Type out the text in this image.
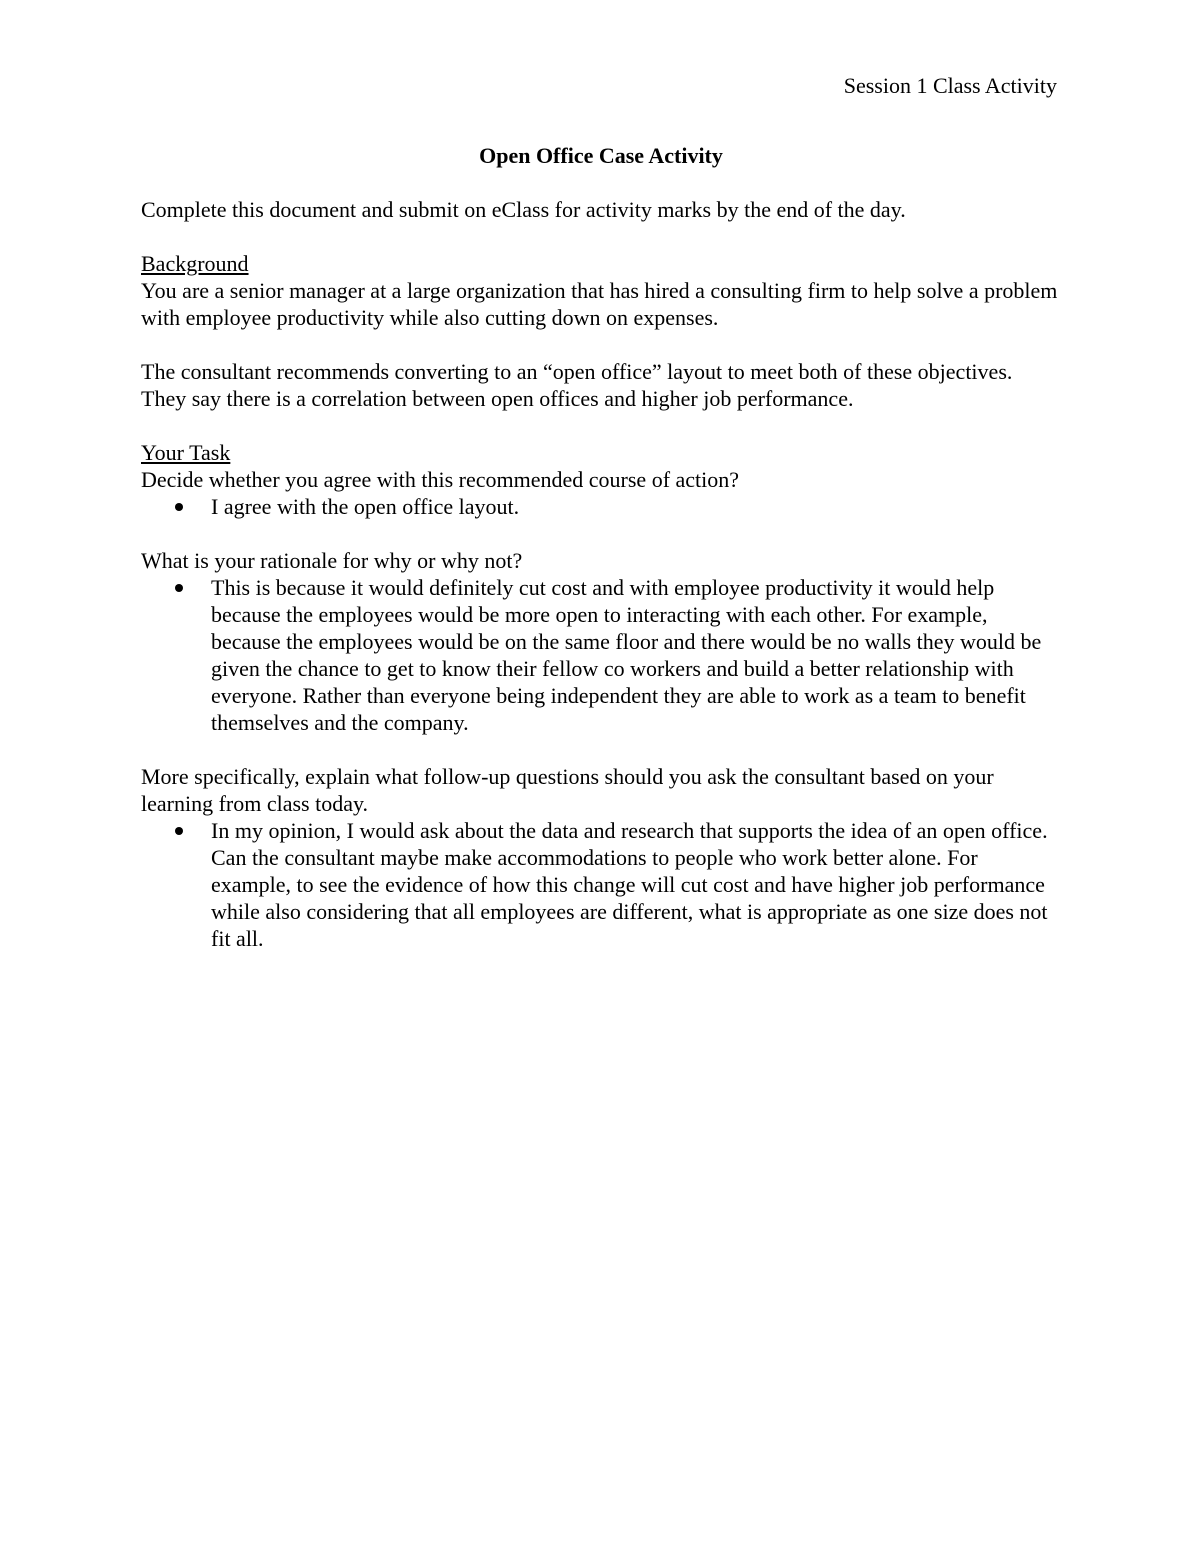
Session 1 Class Activity

Open Office Case Activity

Complete this document and submit on eClass for activity marks by the end of the day.

Background

You are a senior manager at a large organization that has hired a consulting firm to help solve a problem with employee productivity while also cutting down on expenses.

The consultant recommends converting to an “open office” layout to meet both of these objectives. They say there is a correlation between open offices and higher job performance.

Your Task

Decide whether you agree with this recommended course of action?

I agree with the open office layout.

What is your rationale for why or why not?

This is because it would definitely cut cost and with employee productivity it would help because the employees would be more open to interacting with each other. For example, because the employees would be on the same floor and there would be no walls they would be given the chance to get to know their fellow co workers and build a better relationship with everyone. Rather than everyone being independent they are able to work as a team to benefit themselves and the company.

More specifically, explain what follow-up questions should you ask the consultant based on your learning from class today.

In my opinion, I would ask about the data and research that supports the idea of an open office. Can the consultant maybe make accommodations to people who work better alone. For example, to see the evidence of how this change will cut cost and have higher job performance while also considering that all employees are different, what is appropriate as one size does not fit all.
